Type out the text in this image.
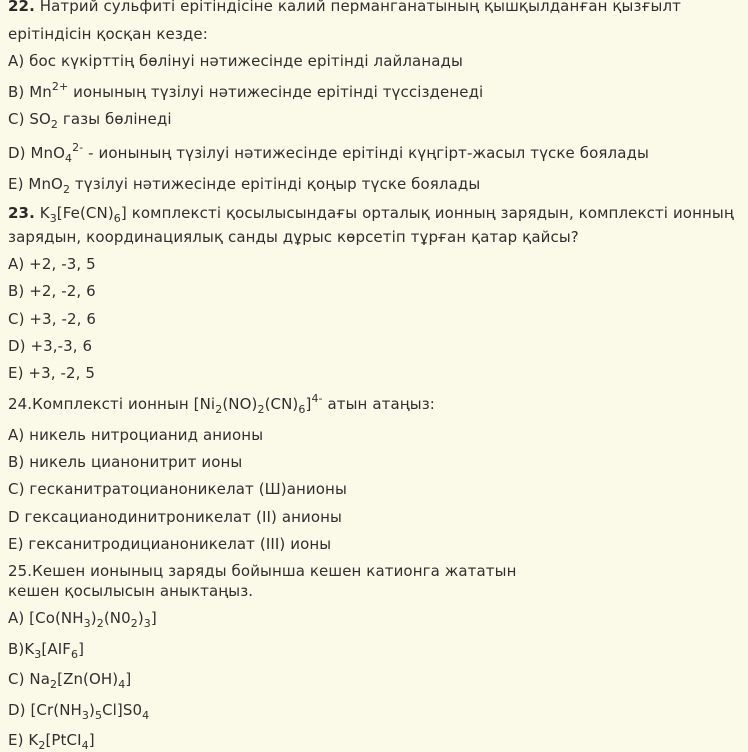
22. Натрий сульфиті ерітіндісіне калий перманганатының қышқылданған қызғылт
ерітіндісін қосқан кезде:
А) бос күкірттің бөлінуі нәтижесінде ерітінді лайланады
В) $Mn^{2+}$ ионының түзілуі нәтижесінде ерітінді түссізденеді
С) $SO_2$ газы бөлінеді
D) MnO$_4^{2-}$ - ионының түзілуі нәтижесінде ерітінді күңгірт-жасыл түске боялады
Е) MnO$_2$ түзілуі нәтижесінде ерітінді қоңыр түске боялады
23. $K_3[Fe(CN)_6]$ комплексті қосылысындағы орталық ионның зарядын, комплексті ионның
зарядын, координациялық санды дұрыс көрсетіп тұрған қатар қайсы?
А) +2, -3, 5
В) +2, -2, 6
С) +3, -2, 6
D) +3,-3, 6
Е) +3, -2, 5
24.Комплексті ионнын $[Ni_2(NO)_2(CN)_6]^{4-}$ атын атаңыз:
А) никель нитроцианид анионы
В) никель цианонитрит ионы
С) гесканитратоцианоникелат (Ш)анионы
D гексацианодинитроникелат (II) анионы
Е) гексанитродицианоникелат (III) ионы
25.Кешен ионыныц заряды бойынша кешен катионга жататын
кешен қосылысын аныктаңыз.
А) $[Co(NH_3)_2(N0_2)_3]$
$В)K_3[AIF_6]$
С) $Na_2[Zn(OH)_4]$
D) $[Cr(NH_3)_5Cl]S0_4$
Е) $K_2[PtCI_4]$
